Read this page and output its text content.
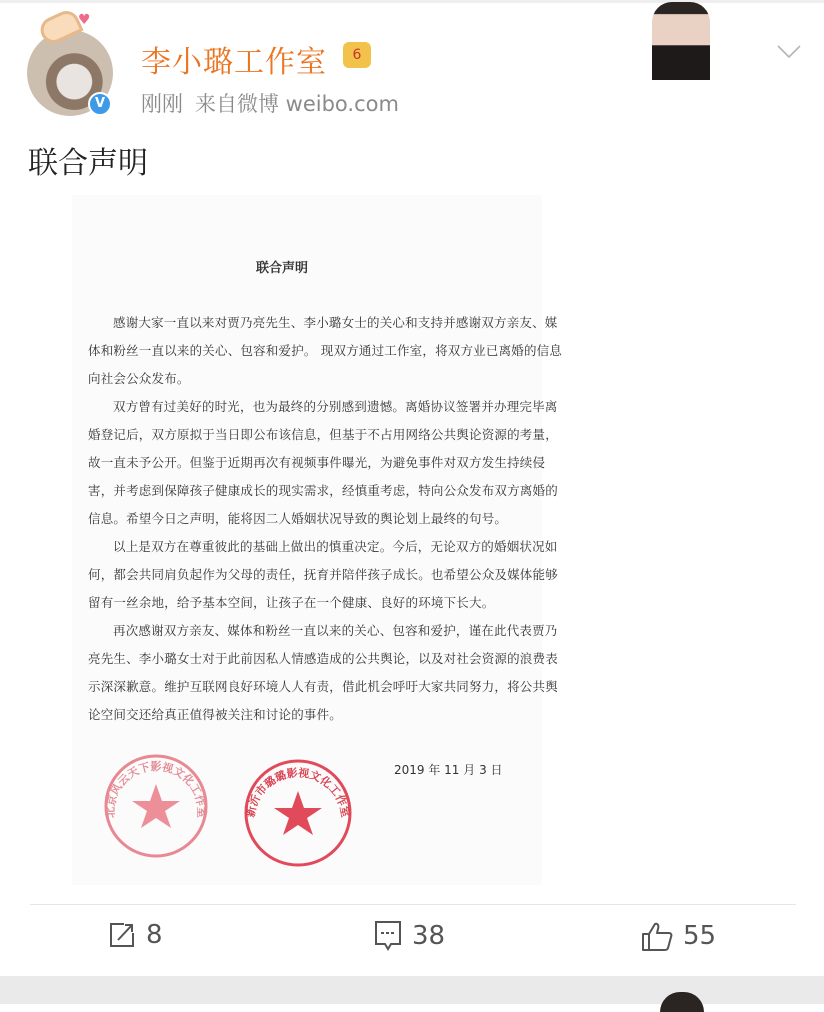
♥
V
李小璐工作室	6
刚刚 来自微博 weibo.com
联合声明
联合声明
感谢大家一直以来对贾乃亮先生、李小璐女士的关心和支持并感谢双方亲友、媒
体和粉丝一直以来的关心、包容和爱护。 现双方通过工作室，将双方业已离婚的信息
向社会公众发布。
双方曾有过美好的时光，也为最终的分别感到遗憾。离婚协议签署并办理完毕离
婚登记后，双方原拟于当日即公布该信息，但基于不占用网络公共舆论资源的考量，
故一直未予公开。但鉴于近期再次有视频事件曝光，为避免事件对双方发生持续侵
害，并考虑到保障孩子健康成长的现实需求，经慎重考虑，特向公众发布双方离婚的
信息。希望今日之声明，能将因二人婚姻状况导致的舆论划上最终的句号。
以上是双方在尊重彼此的基础上做出的慎重决定。今后，无论双方的婚姻状况如
何，都会共同肩负起作为父母的责任，抚育并陪伴孩子成长。也希望公众及媒体能够
留有一丝余地，给予基本空间，让孩子在一个健康、良好的环境下长大。
再次感谢双方亲友、媒体和粉丝一直以来的关心、包容和爱护，谨在此代表贾乃
亮先生、李小璐女士对于此前因私人情感造成的公共舆论，以及对社会资源的浪费表
示深深歉意。维护互联网良好环境人人有责，借此机会呼吁大家共同努力，将公共舆
论空间交还给真正值得被关注和讨论的事件。
2019 年 11 月 3 日
北京风云天下影视文化工作室	新沂市璐璐影视文化工作室
8	38	55
